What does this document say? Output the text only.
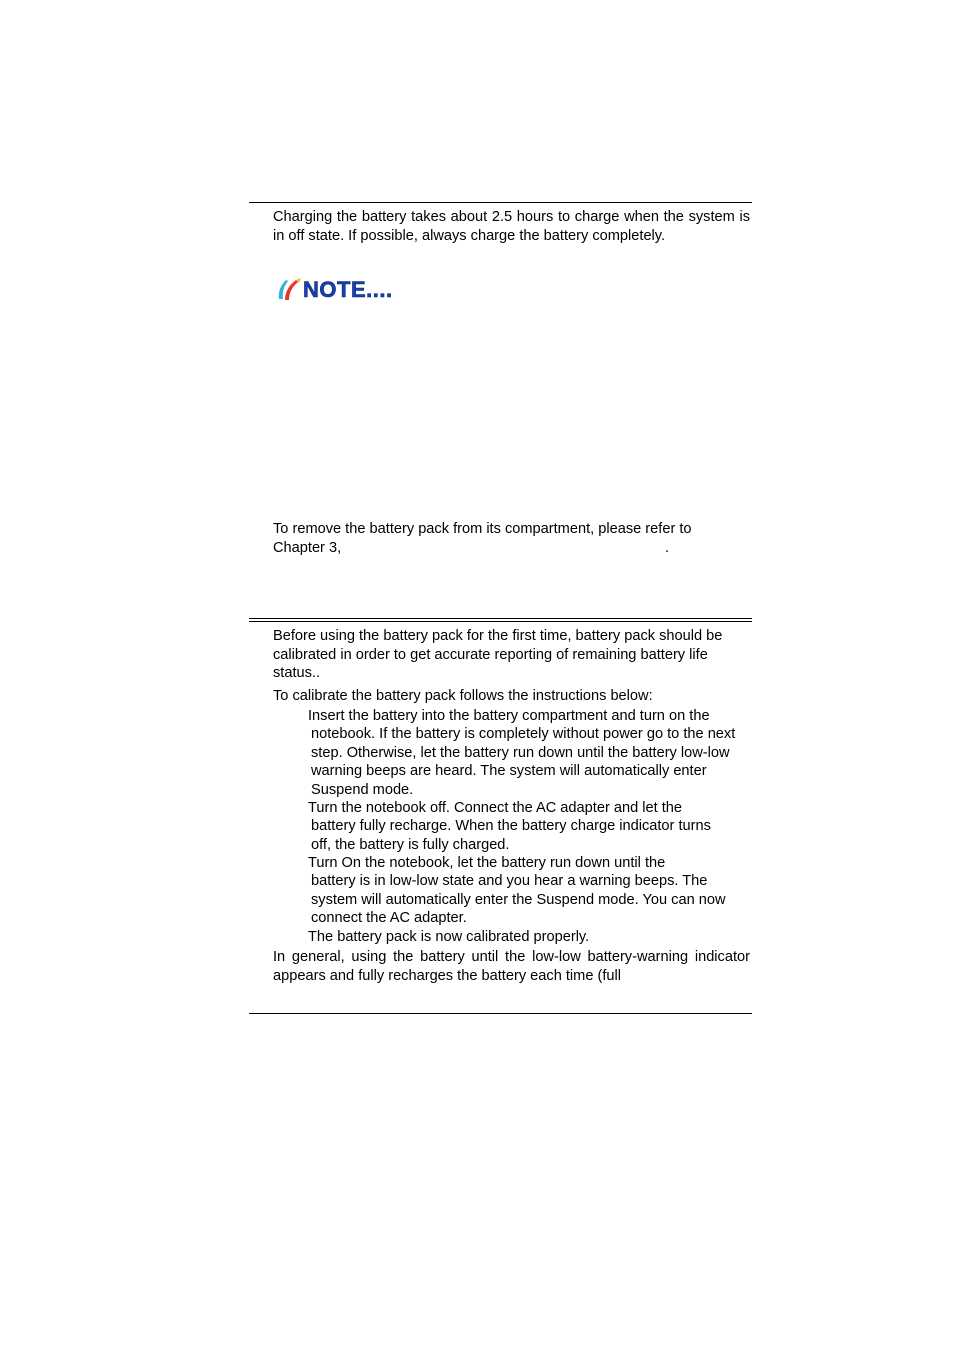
Charging the battery takes about 2.5 hours to charge when the system is in off state. If possible, always charge the battery completely.

NOTE....

To remove the battery pack from its compartment, please refer to

Chapter 3,	.

Before using the battery pack for the first time, battery pack should be calibrated in order to get accurate reporting of remaining battery life status..

To calibrate the battery pack follows the instructions below:

Insert the battery into the battery compartment and turn on the
notebook. If the battery is completely without power go to the next step. Otherwise, let the battery run down until the battery low-low warning beeps are heard. The system will automatically enter Suspend mode.
Turn the notebook off. Connect the AC adapter and let the
battery fully recharge. When the battery charge indicator turns off, the battery is fully charged.
Turn On the notebook, let the battery run down until the
battery is in low-low state and you hear a warning beeps. The system will automatically enter the Suspend mode. You can now connect the AC adapter.
The battery pack is now calibrated properly.

In general, using the battery until the low-low battery-warning indicator appears and fully recharges the battery each time (full
